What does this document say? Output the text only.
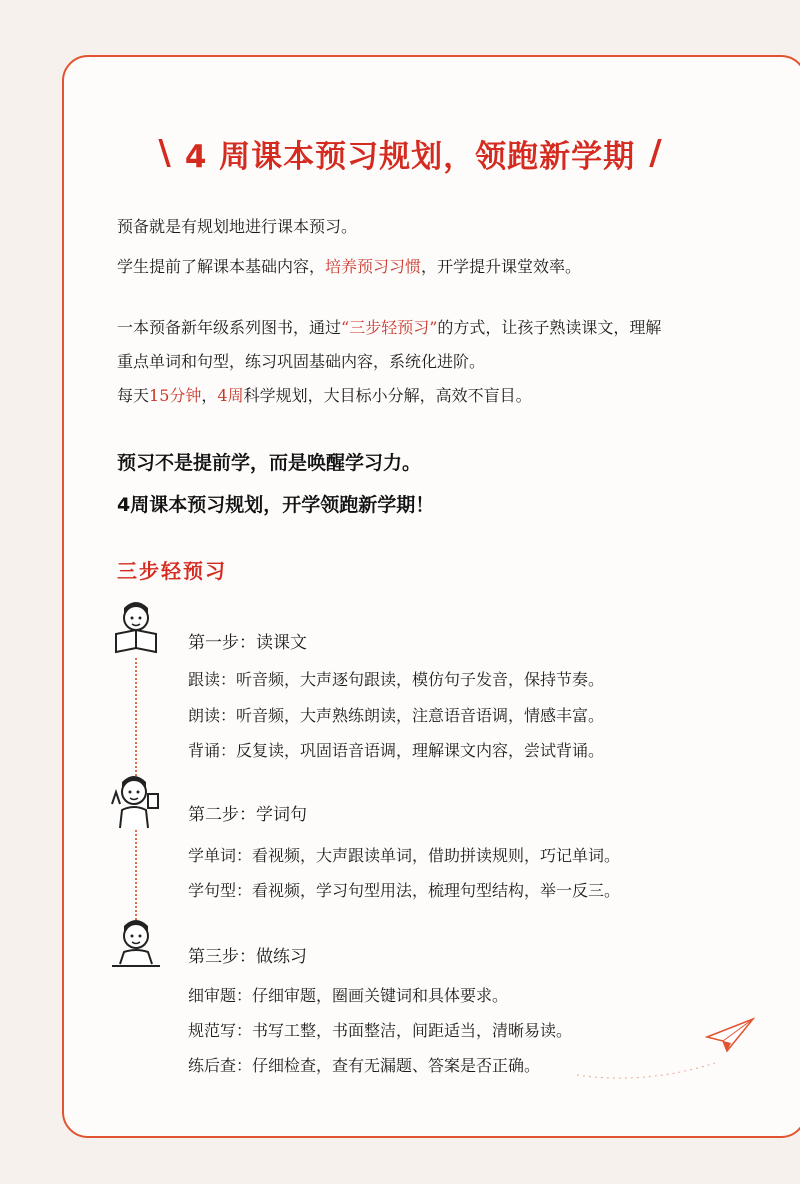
\ 4 周课本预习规划，领跑新学期 /
预备就是有规划地进行课本预习。
学生提前了解课本基础内容，培养预习习惯，开学提升课堂效率。
一本预备新年级系列图书，通过“三步轻预习”的方式，让孩子熟读课文，理解
重点单词和句型，练习巩固基础内容，系统化进阶。
每天15分钟，4周科学规划，大目标小分解，高效不盲目。
预习不是提前学，而是唤醒学习力。
4周课本预习规划，开学领跑新学期！
三步轻预习
第一步：读课文
跟读：听音频，大声逐句跟读，模仿句子发音，保持节奏。
朗读：听音频，大声熟练朗读，注意语音语调，情感丰富。
背诵：反复读，巩固语音语调，理解课文内容，尝试背诵。
第二步：学词句
学单词：看视频，大声跟读单词，借助拼读规则，巧记单词。
学句型：看视频，学习句型用法，梳理句型结构，举一反三。
第三步：做练习
细审题：仔细审题，圈画关键词和具体要求。
规范写：书写工整，书面整洁，间距适当，清晰易读。
练后查：仔细检查，查有无漏题、答案是否正确。
